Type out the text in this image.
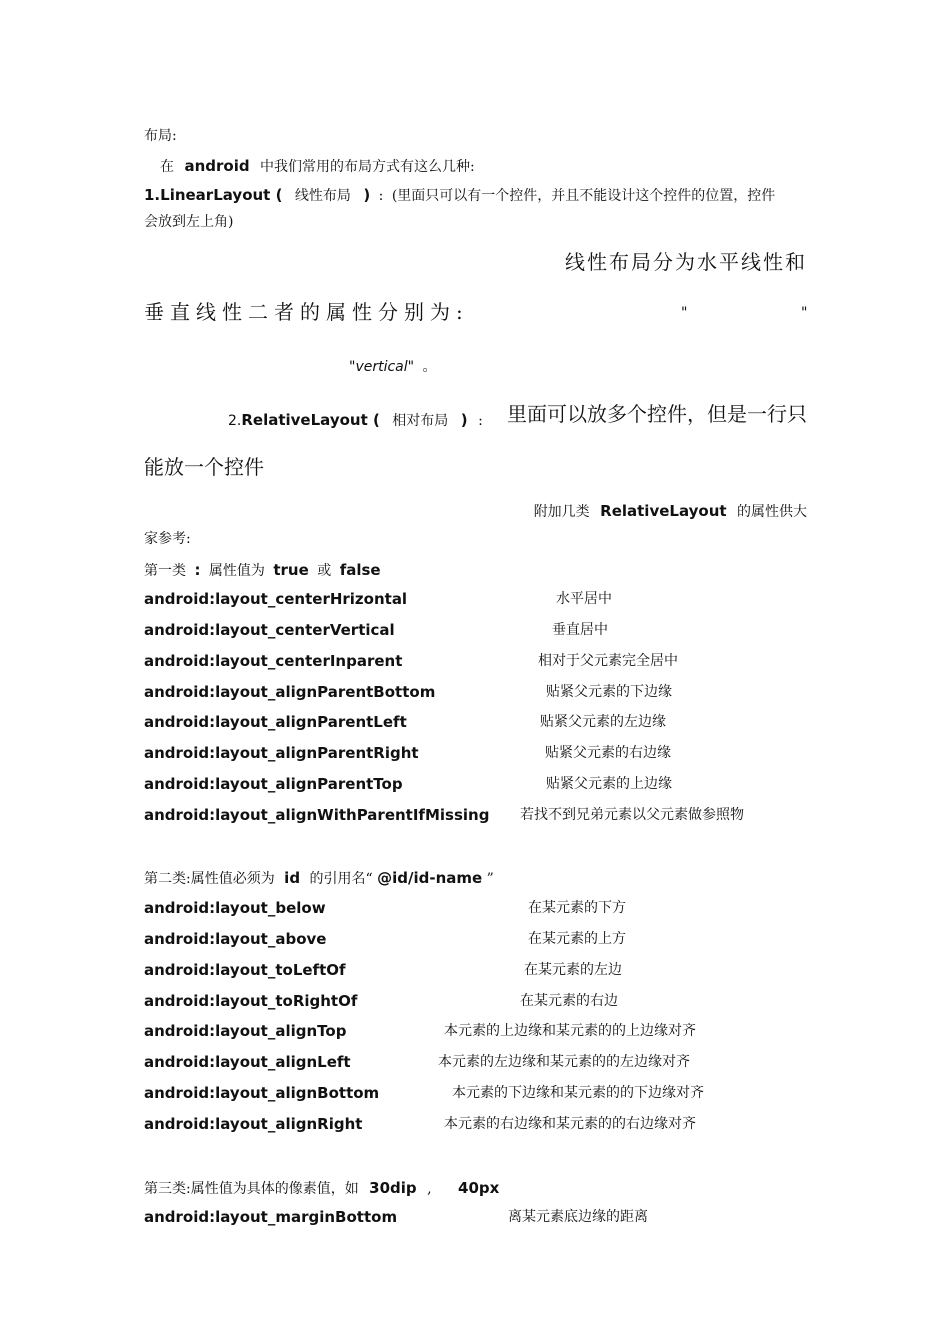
布局:
在 android 中我们常用的布局方式有这么几种:
1.LinearLayout ( 线性布局 ) : (里面只可以有一个控件，并且不能设计这个控件的位置，控件
会放到左上角)
线性布局分为水平线性和
垂直线性二者的属性分别为:	"	"
"vertical" 。
2.RelativeLayout ( 相对布局 ) : 里面可以放多个控件，但是一行只
能放一个控件
附加几类 RelativeLayout 的属性供大
家参考:
第一类 : 属性值为 true 或 false
android:layout_centerHrizontal	水平居中
android:layout_centerVertical	垂直居中
android:layout_centerInparent	相对于父元素完全居中
android:layout_alignParentBottom	贴紧父元素的下边缘
android:layout_alignParentLeft	贴紧父元素的左边缘
android:layout_alignParentRight	贴紧父元素的右边缘
android:layout_alignParentTop	贴紧父元素的上边缘
android:layout_alignWithParentIfMissing 若找不到兄弟元素以父元素做参照物
第二类:属性值必须为 id 的引用名“ @id/id-name ”
android:layout_below	在某元素的下方
android:layout_above	在某元素的上方
android:layout_toLeftOf	在某元素的左边
android:layout_toRightOf	在某元素的右边
android:layout_alignTop	本元素的上边缘和某元素的的上边缘对齐
android:layout_alignLeft	本元素的左边缘和某元素的的左边缘对齐
android:layout_alignBottom	本元素的下边缘和某元素的的下边缘对齐
android:layout_alignRight	本元素的右边缘和某元素的的右边缘对齐
第三类:属性值为具体的像素值，如 30dip , 40px
android:layout_marginBottom	离某元素底边缘的距离
